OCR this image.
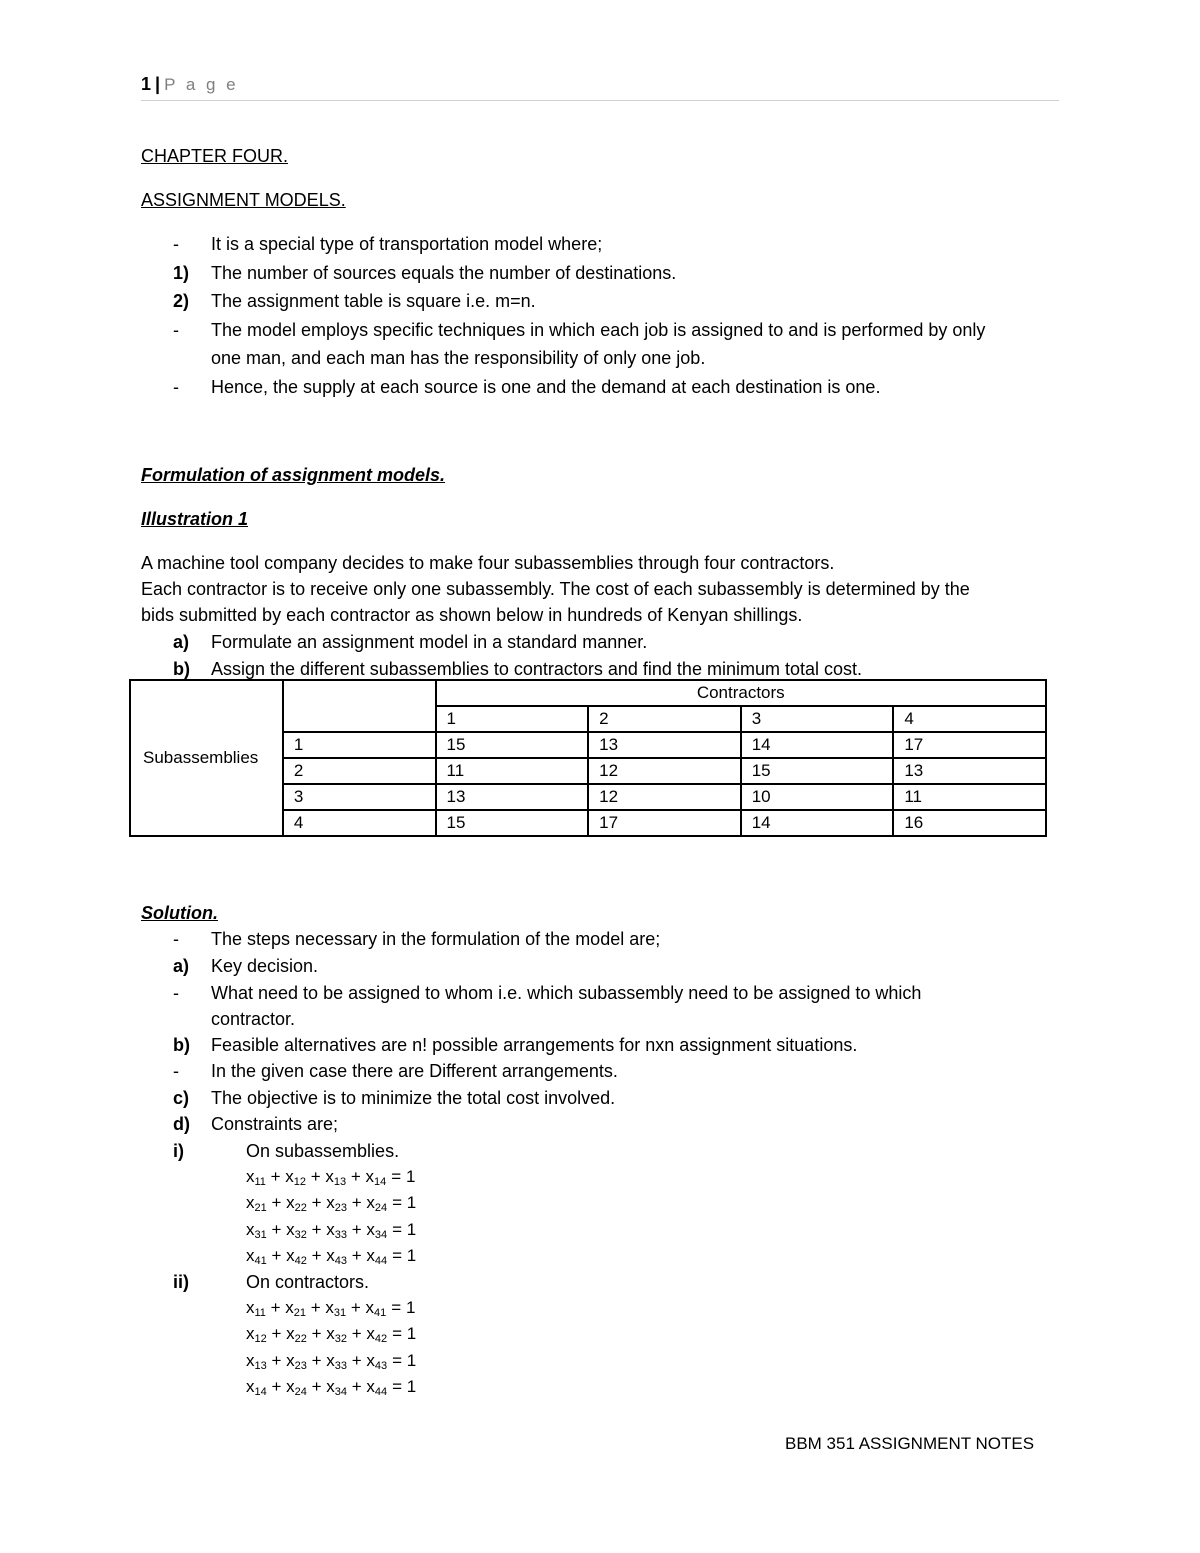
1 | P a g e
CHAPTER FOUR.
ASSIGNMENT MODELS.
- It is a special type of transportation model where;
1) The number of sources equals the number of destinations.
2) The assignment table is square i.e. m=n.
- The model employs specific techniques in which each job is assigned to and is performed by only
one man, and each man has the responsibility of only one job.
- Hence, the supply at each source is one and the demand at each destination is one.
Formulation of assignment models.
Illustration 1
A machine tool company decides to make four subassemblies through four contractors.
Each contractor is to receive only one subassembly. The cost of each subassembly is determined by the
bids submitted by each contractor as shown below in hundreds of Kenyan shillings.
a) Formulate an assignment model in a standard manner.
b) Assign the different subassemblies to contractors and find the minimum total cost.
Subassemblies		Contractors			
		1	2	3	4
	1	15	13	14	17
	2	11	12	15	13
	3	13	12	10	11
	4	15	17	14	16
Solution.
- The steps necessary in the formulation of the model are;
a) Key decision.
- What need to be assigned to whom i.e. which subassembly need to be assigned to which
contractor.
b) Feasible alternatives are n! possible arrangements for nxn assignment situations.
- In the given case there are Different arrangements.
c) The objective is to minimize the total cost involved.
d) Constraints are;
i)	On subassemblies.
$x_{11} + x_{12} + x_{13} + x_{14} = 1$
$x_{21} + x_{22} + x_{23} + x_{24} = 1$
$x_{31} + x_{32} + x_{33} + x_{34} = 1$
$x_{41} + x_{42} + x_{43} + x_{44} = 1$
ii)	On contractors.
$x_{11} + x_{21} + x_{31} + x_{41} = 1$
$x_{12} + x_{22} + x_{32} + x_{42} = 1$
$x_{13} + x_{23} + x_{33} + x_{43} = 1$
$x_{14} + x_{24} + x_{34} + x_{44} = 1$
BBM 351 ASSIGNMENT NOTES
